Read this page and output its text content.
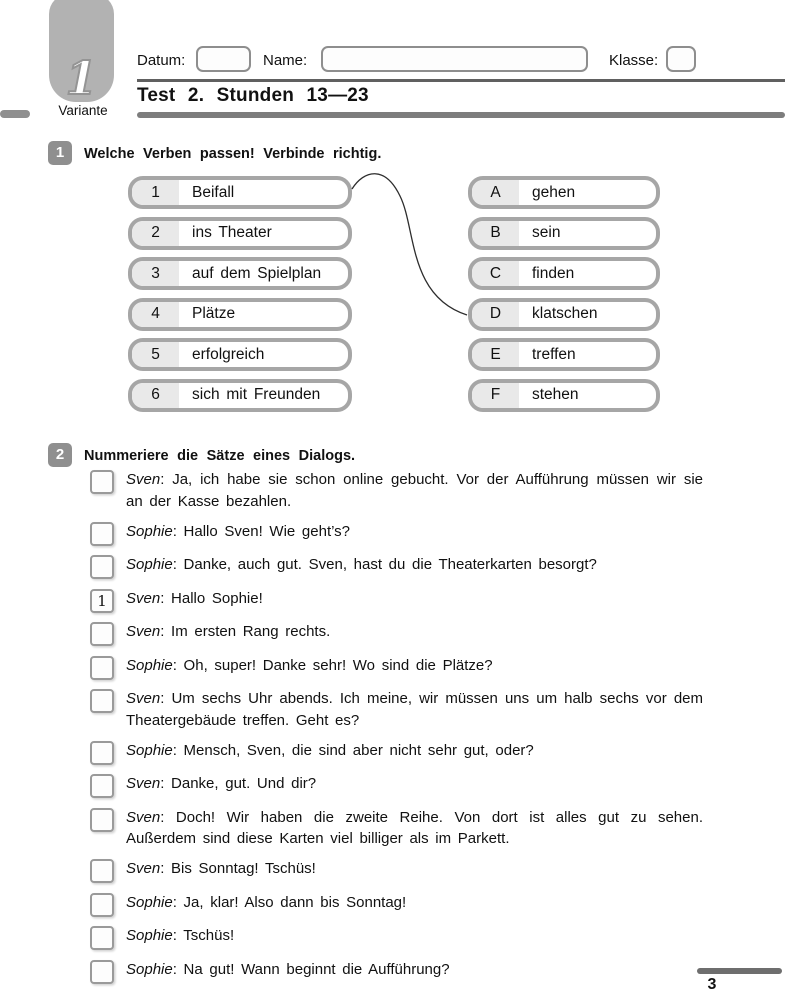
1
Variante
Datum:	Name:	Klasse:
Test 2. Stunden 13—23
1	Welche Verben passen! Verbinde richtig.
1	Beifall
2	ins Theater
3	auf dem Spielplan
4	Plätze
5	erfolgreich
6	sich mit Freunden
A	gehen
B	sein
C	finden
D	klatschen
E	treffen
F	stehen
2	Nummeriere die Sätze eines Dialogs.
Sven: Ja, ich habe sie schon online gebucht. Vor der Aufführung müssen wir sie an der Kasse bezahlen.
Sophie: Hallo Sven! Wie geht’s?
Sophie: Danke, auch gut. Sven, hast du die Theaterkarten besorgt?
1	Sven: Hallo Sophie!
Sven: Im ersten Rang rechts.
Sophie: Oh, super! Danke sehr! Wo sind die Plätze?
Sven: Um sechs Uhr abends. Ich meine, wir müssen uns um halb sechs vor dem Theatergebäude treffen. Geht es?
Sophie: Mensch, Sven, die sind aber nicht sehr gut, oder?
Sven: Danke, gut. Und dir?
Sven: Doch! Wir haben die zweite Reihe. Von dort ist alles gut zu sehen. Außerdem sind diese Karten viel billiger als im Parkett.
Sven: Bis Sonntag! Tschüs!
Sophie: Ja, klar! Also dann bis Sonntag!
Sophie: Tschüs!
Sophie: Na gut! Wann beginnt die Aufführung?
3
